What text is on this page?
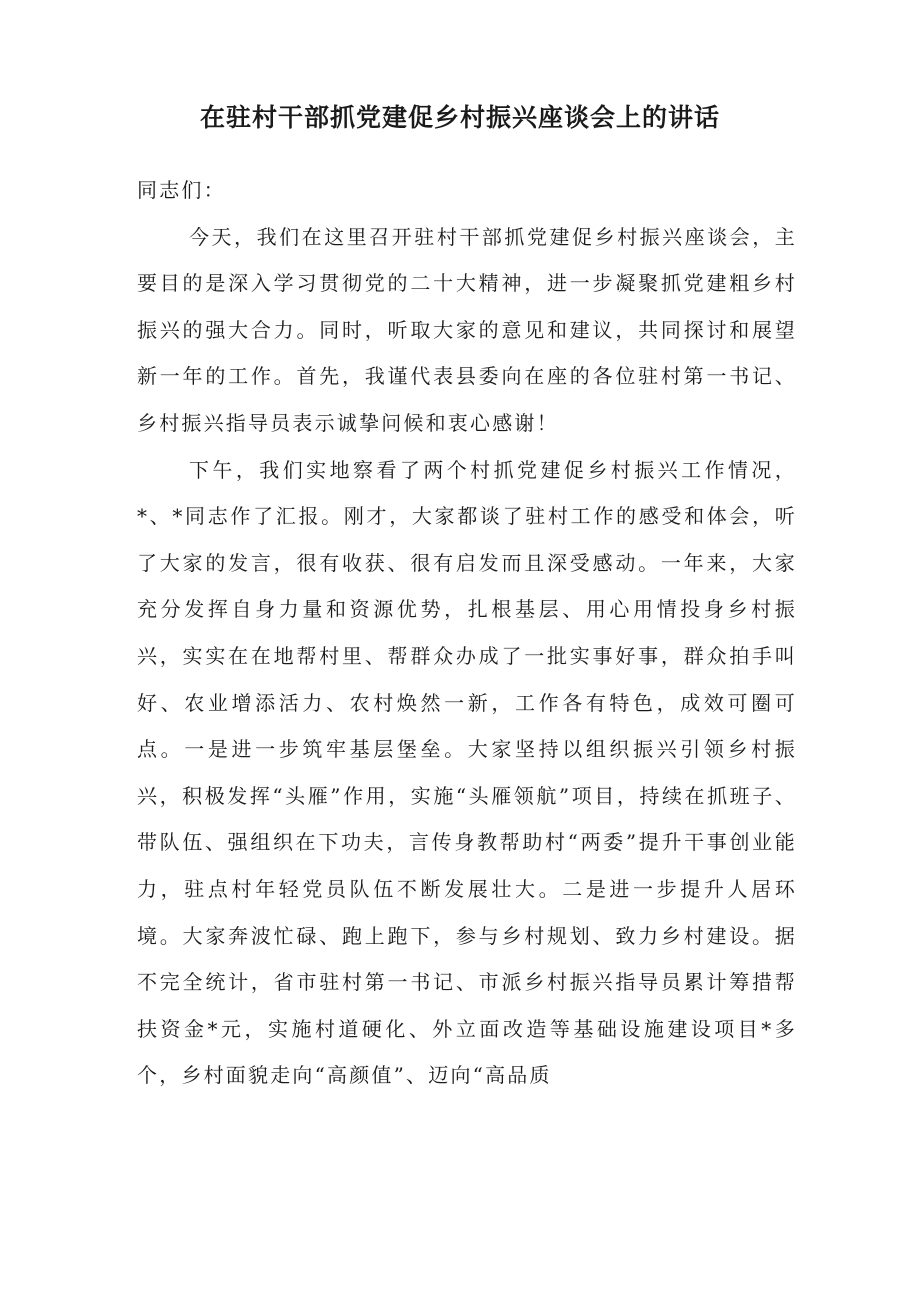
在驻村干部抓党建促乡村振兴座谈会上的讲话

同志们：

今天，我们在这里召开驻村干部抓党建促乡村振兴座谈会，主要目的是深入学习贯彻党的二十大精神，进一步凝聚抓党建粗乡村振兴的强大合力。同时，听取大家的意见和建议，共同探讨和展望新一年的工作。首先，我谨代表县委向在座的各位驻村第一书记、乡村振兴指导员表示诚挚问候和衷心感谢！

下午，我们实地察看了两个村抓党建促乡村振兴工作情况，*、*同志作了汇报。刚才，大家都谈了驻村工作的感受和体会，听了大家的发言，很有收获、很有启发而且深受感动。一年来，大家充分发挥自身力量和资源优势，扎根基层、用心用情投身乡村振兴，实实在在地帮村里、帮群众办成了一批实事好事，群众拍手叫好、农业增添活力、农村焕然一新，工作各有特色，成效可圈可点。一是进一步筑牢基层堡垒。大家坚持以组织振兴引领乡村振兴，积极发挥“头雁”作用，实施“头雁领航”项目，持续在抓班子、带队伍、强组织在下功夫，言传身教帮助村“两委”提升干事创业能力，驻点村年轻党员队伍不断发展壮大。二是进一步提升人居环境。大家奔波忙碌、跑上跑下，参与乡村规划、致力乡村建设。据不完全统计，省市驻村第一书记、市派乡村振兴指导员累计筹措帮扶资金*元，实施村道硬化、外立面改造等基础设施建设项目*多个，乡村面貌走向“高颜值”、迈向“高品质
